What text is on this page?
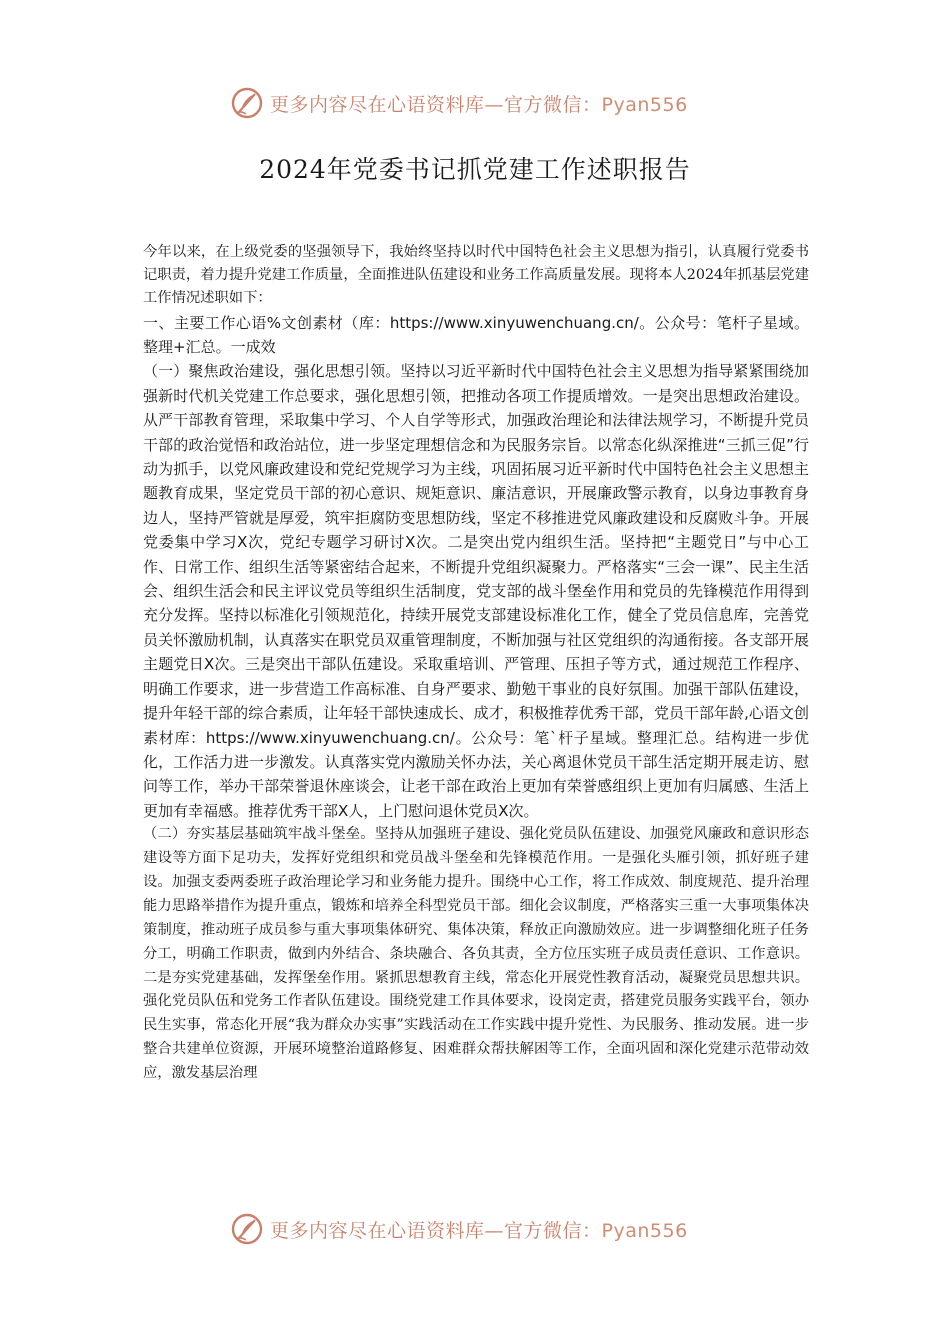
更多内容尽在心语资料库—官方微信：Pyan556
2024年党委书记抓党建工作述职报告

今年以来，在上级党委的坚强领导下，我始终坚持以时代中国特色社会主义思想为指引，认真履行党委书记职责，着力提升党建工作质量，全面推进队伍建设和业务工作高质量发展。现将本人2024年抓基层党建工作情况述职如下：

一、主要工作心语%文创素材（库：https://www.xinyuwenchuang.cn/。公众号：笔杆子星域。整理+汇总。一成效

（一）聚焦政治建设，强化思想引领。坚持以习近平新时代中国特色社会主义思想为指导紧紧围绕加强新时代机关党建工作总要求，强化思想引领，把推动各项工作提质增效。一是突出思想政治建设。从严干部教育管理，采取集中学习、个人自学等形式，加强政治理论和法律法规学习，不断提升党员干部的政治觉悟和政治站位，进一步坚定理想信念和为民服务宗旨。以常态化纵深推进“三抓三促”行动为抓手，以党风廉政建设和党纪党规学习为主线，巩固拓展习近平新时代中国特色社会主义思想主题教育成果，坚定党员干部的初心意识、规矩意识、廉洁意识，开展廉政警示教育，以身边事教育身边人，坚持严管就是厚爱，筑牢拒腐防变思想防线，坚定不移推进党风廉政建设和反腐败斗争。开展党委集中学习X次，党纪专题学习研讨X次。二是突出党内组织生活。坚持把“主题党日”与中心工作、日常工作、组织生活等紧密结合起来，不断提升党组织凝聚力。严格落实“三会一课”、民主生活会、组织生活会和民主评议党员等组织生活制度，党支部的战斗堡垒作用和党员的先锋模范作用得到充分发挥。坚持以标准化引领规范化，持续开展党支部建设标准化工作，健全了党员信息库，完善党员关怀激励机制，认真落实在职党员双重管理制度，不断加强与社区党组织的沟通衔接。各支部开展主题党日X次。三是突出干部队伍建设。采取重培训、严管理、压担子等方式，通过规范工作程序、明确工作要求，进一步营造工作高标准、自身严要求、勤勉干事业的良好氛围。加强干部队伍建设，提升年轻干部的综合素质，让年轻干部快速成长、成才，积极推荐优秀干部，党员干部年龄,心语文创素材库：https://www.xinyuwenchuang.cn/。公众号：笔`杆子星域。整理汇总。结构进一步优化，工作活力进一步激发。认真落实党内激励关怀办法，关心离退休党员干部生活定期开展走访、慰问等工作，举办干部荣誉退休座谈会，让老干部在政治上更加有荣誉感组织上更加有归属感、生活上更加有幸福感。推荐优秀干部X人，上门慰问退休党员X次。

（二）夯实基层基础筑牢战斗堡垒。坚持从加强班子建设、强化党员队伍建设、加强党风廉政和意识形态建设等方面下足功夫，发挥好党组织和党员战斗堡垒和先锋模范作用。一是强化头雁引领，抓好班子建设。加强支委两委班子政治理论学习和业务能力提升。围绕中心工作，将工作成效、制度规范、提升治理能力思路举措作为提升重点，锻炼和培养全科型党员干部。细化会议制度，严格落实三重一大事项集体决策制度，推动班子成员参与重大事项集体研究、集体决策，释放正向激励效应。进一步调整细化班子任务分工，明确工作职责，做到内外结合、条块融合、各负其责，全方位压实班子成员责任意识、工作意识。二是夯实党建基础，发挥堡垒作用。紧抓思想教育主线，常态化开展党性教育活动，凝聚党员思想共识。强化党员队伍和党务工作者队伍建设。围绕党建工作具体要求，设岗定责，搭建党员服务实践平台，领办民生实事，常态化开展“我为群众办实事”实践活动在工作实践中提升党性、为民服务、推动发展。进一步整合共建单位资源，开展环境整治道路修复、困难群众帮扶解困等工作，全面巩固和深化党建示范带动效应，激发基层治理

更多内容尽在心语资料库—官方微信：Pyan556
